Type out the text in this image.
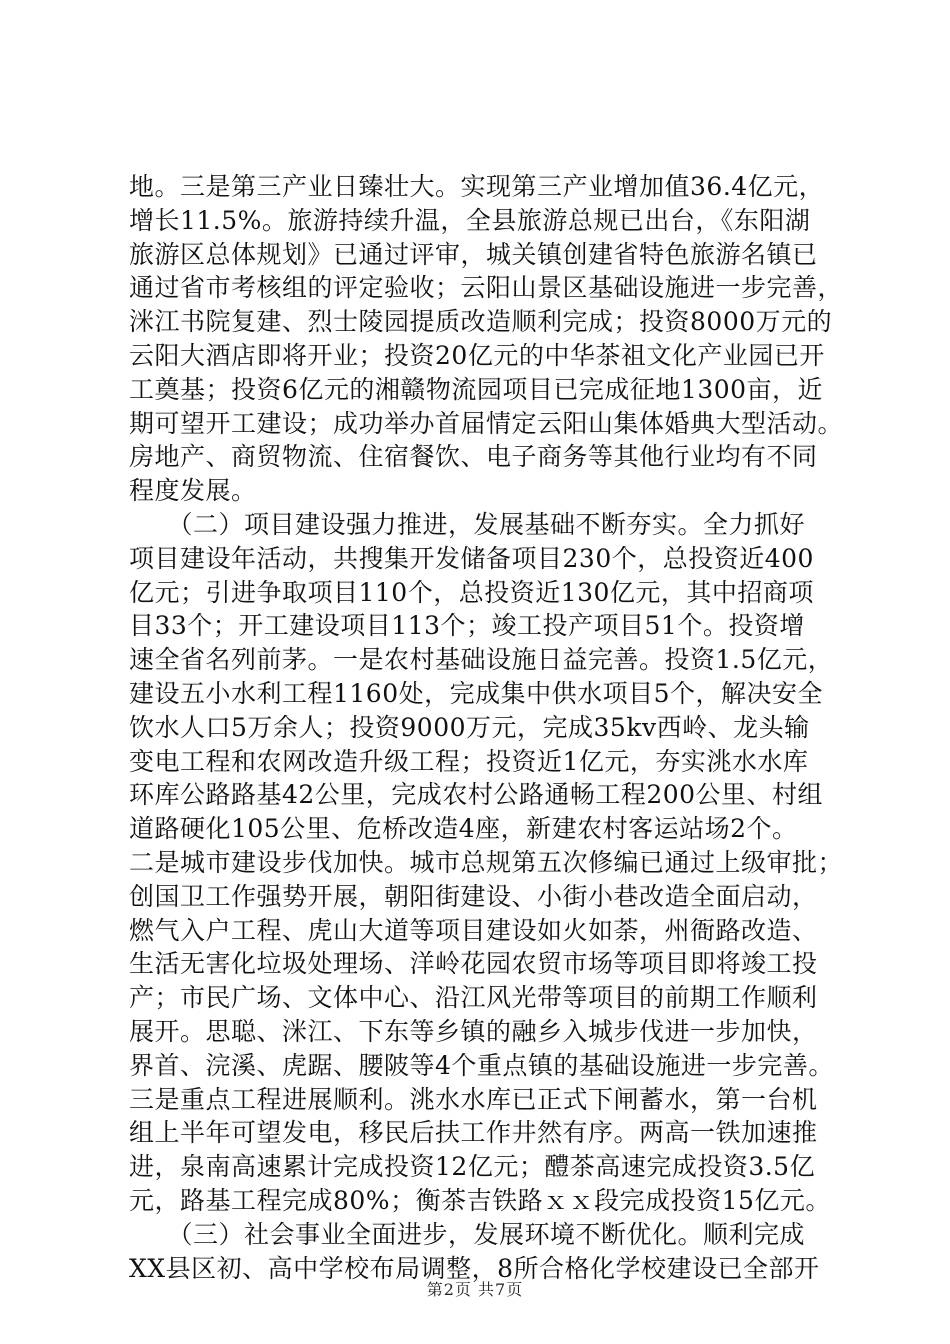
地。三是第三产业日臻壮大。实现第三产业增加值36.4亿元，
增长11.5%。旅游持续升温，全县旅游总规已出台，《东阳湖
旅游区总体规划》已通过评审，城关镇创建省特色旅游名镇已
通过省市考核组的评定验收；云阳山景区基础设施进一步完善，
洣江书院复建、烈士陵园提质改造顺利完成；投资8000万元的
云阳大酒店即将开业；投资20亿元的中华茶祖文化产业园已开
工奠基；投资6亿元的湘赣物流园项目已完成征地1300亩，近
期可望开工建设；成功举办首届情定云阳山集体婚典大型活动。
房地产、商贸物流、住宿餐饮、电子商务等其他行业均有不同
程度发展。
　　（二）项目建设强力推进，发展基础不断夯实。全力抓好
项目建设年活动，共搜集开发储备项目230个，总投资近400
亿元；引进争取项目110个，总投资近130亿元，其中招商项
目33个；开工建设项目113个；竣工投产项目51个。投资增
速全省名列前茅。一是农村基础设施日益完善。投资1.5亿元，
建设五小水利工程1160处，完成集中供水项目5个，解决安全
饮水人口5万余人；投资9000万元，完成35kv西岭、龙头输
变电工程和农网改造升级工程；投资近1亿元，夯实洮水水库
环库公路路基42公里，完成农村公路通畅工程200公里、村组
道路硬化105公里、危桥改造4座，新建农村客运站场2个。
二是城市建设步伐加快。城市总规第五次修编已通过上级审批；
创国卫工作强势开展，朝阳街建设、小街小巷改造全面启动，
燃气入户工程、虎山大道等项目建设如火如荼，州衙路改造、
生活无害化垃圾处理场、洋岭花园农贸市场等项目即将竣工投
产；市民广场、文体中心、沿江风光带等项目的前期工作顺利
展开。思聪、洣江、下东等乡镇的融乡入城步伐进一步加快，
界首、浣溪、虎踞、腰陂等4个重点镇的基础设施进一步完善。
三是重点工程进展顺利。洮水水库已正式下闸蓄水，第一台机
组上半年可望发电，移民后扶工作井然有序。两高一铁加速推
进，泉南高速累计完成投资12亿元；醴茶高速完成投资3.5亿
元，路基工程完成80%；衡茶吉铁路ｘｘ段完成投资15亿元。
　　（三）社会事业全面进步，发展环境不断优化。顺利完成
XX县区初、高中学校布局调整，8所合格化学校建设已全部开
第2页 共7页
